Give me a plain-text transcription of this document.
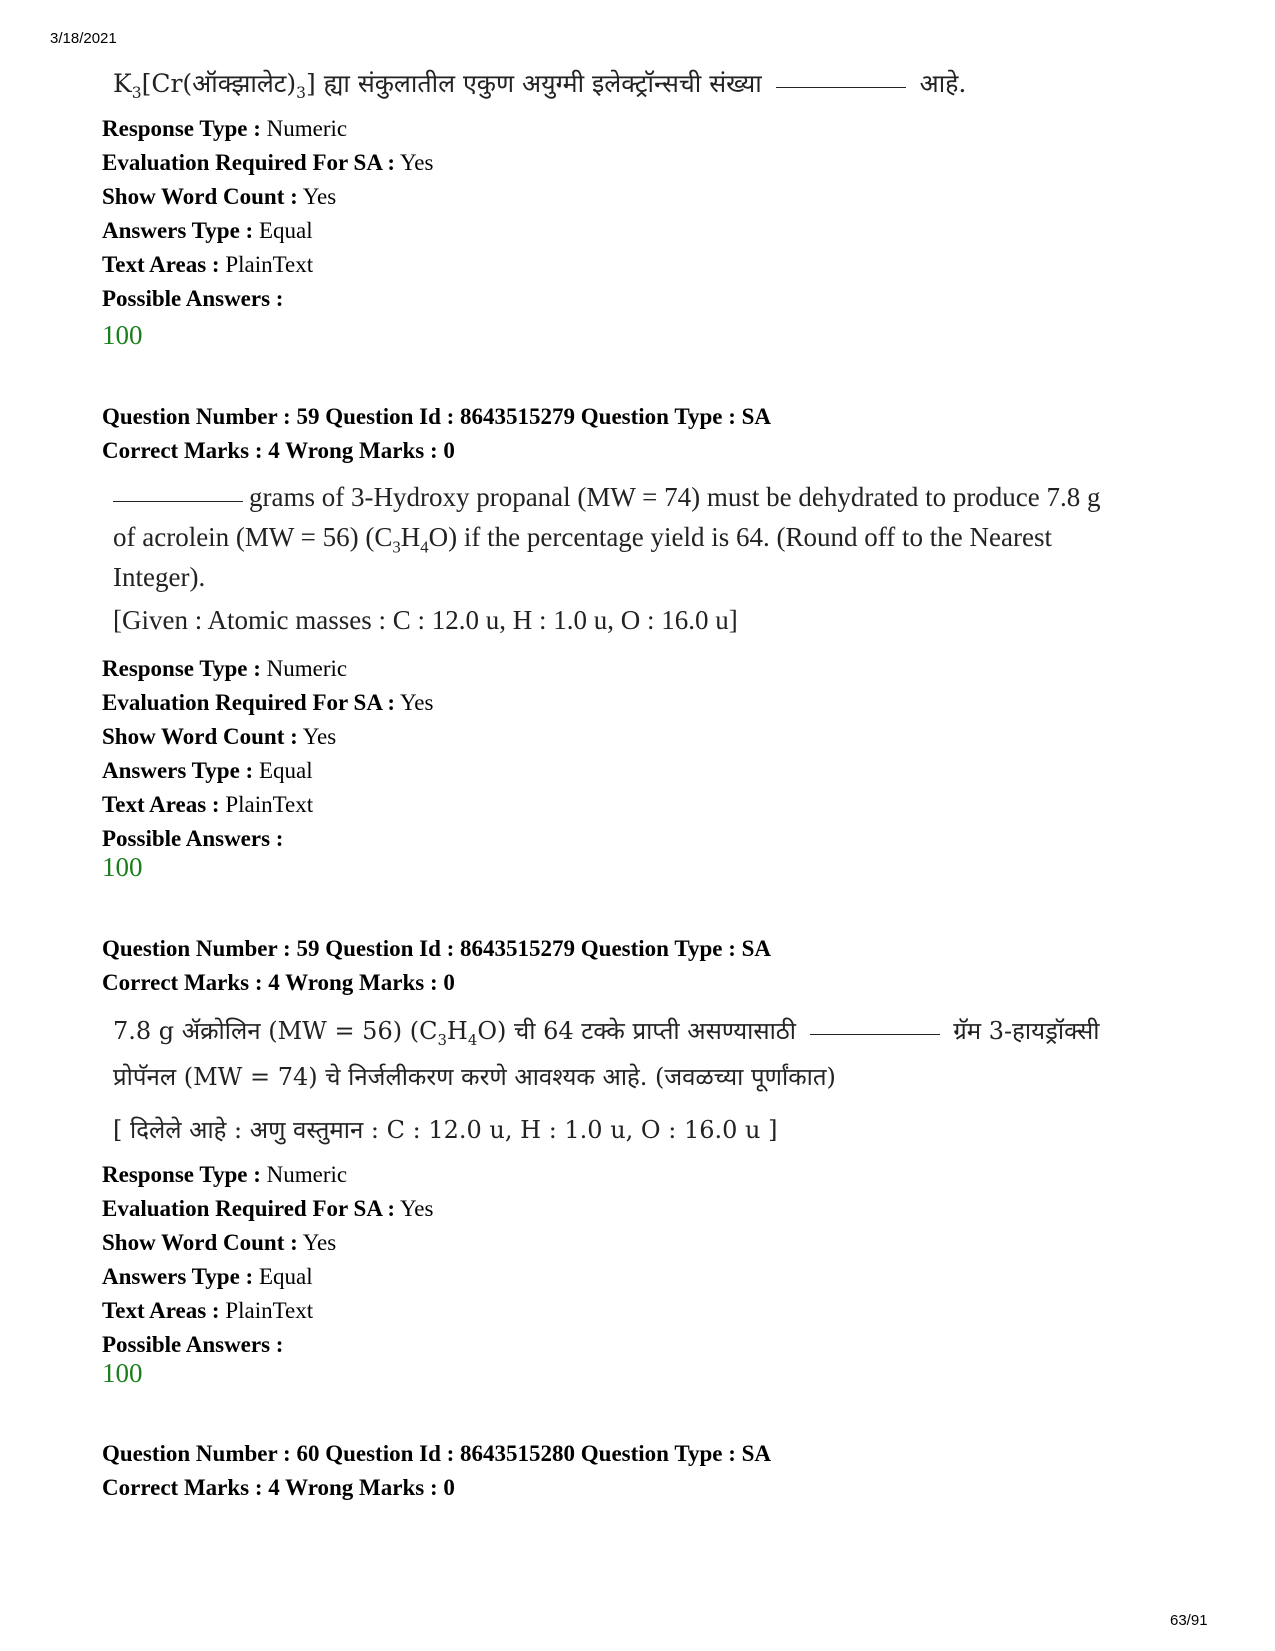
3/18/2021
$K_3[Cr(ऑक्झालेट)_3]$ ह्या संकुलातील एकुण अयुग्मी इलेक्ट्रॉन्सची संख्या	आहे.
Response Type : Numeric
Evaluation Required For SA : Yes
Show Word Count : Yes
Answers Type : Equal
Text Areas : PlainText
Possible Answers :
100
Question Number : 59 Question Id : 8643515279 Question Type : SA
Correct Marks : 4 Wrong Marks : 0
grams of 3-Hydroxy propanal (MW = 74) must be dehydrated to produce 7.8 g
of acrolein (MW = 56) $(C_3H_4O)$ if the percentage yield is 64. (Round off to the Nearest
Integer).
[Given : Atomic masses : C : 12.0 u, H : 1.0 u, O : 16.0 u]
Response Type : Numeric
Evaluation Required For SA : Yes
Show Word Count : Yes
Answers Type : Equal
Text Areas : PlainText
Possible Answers :
100
Question Number : 59 Question Id : 8643515279 Question Type : SA
Correct Marks : 4 Wrong Marks : 0
7.8 g ॲक्रोलिन (MW = 56) $(C_3H_4O)$ ची 64 टक्के प्राप्ती असण्यासाठी	ग्रॅम 3-हायड्रॉक्सी
प्रोपॅनल (MW = 74) चे निर्जलीकरण करणे आवश्यक आहे. (जवळच्या पूर्णांकात)
[ दिलेले आहे : अणु वस्तुमान : C : 12.0 u, H : 1.0 u, O : 16.0 u ]
Response Type : Numeric
Evaluation Required For SA : Yes
Show Word Count : Yes
Answers Type : Equal
Text Areas : PlainText
Possible Answers :
100
Question Number : 60 Question Id : 8643515280 Question Type : SA
Correct Marks : 4 Wrong Marks : 0
63/91
